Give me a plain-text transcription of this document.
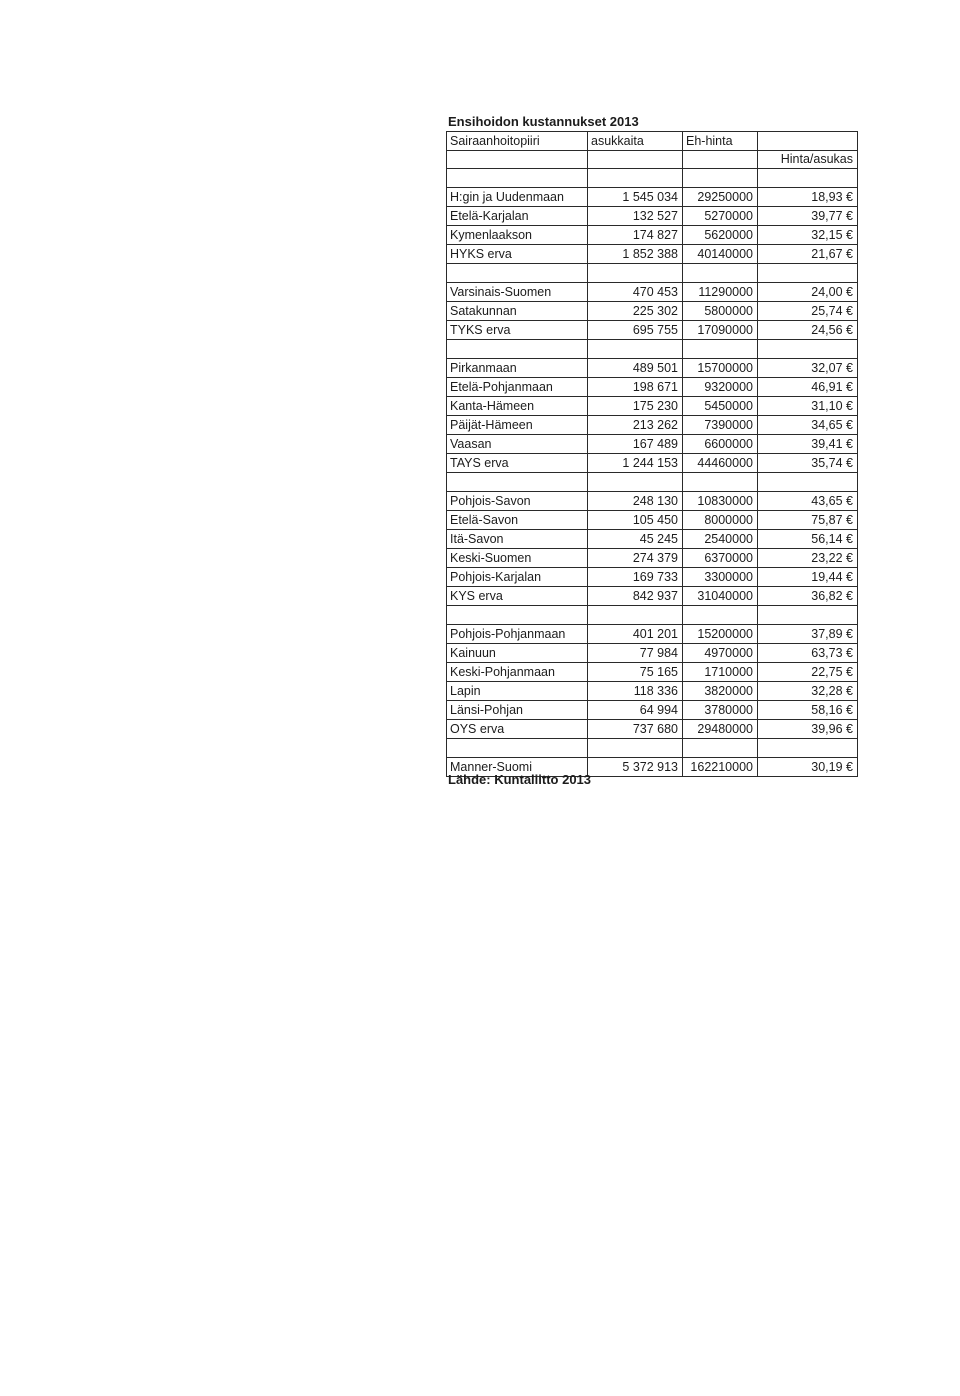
Ensihoidon kustannukset 2013
Sairaanhoitopiiri	asukkaita	Eh-hinta	
			Hinta/asukas

H:gin ja Uudenmaan	1 545 034	29250000	18,93 €
Etelä-Karjalan	132 527	5270000	39,77 €
Kymenlaakson	174 827	5620000	32,15 €
HYKS erva	1 852 388	40140000	21,67 €

Varsinais-Suomen	470 453	11290000	24,00 €
Satakunnan	225 302	5800000	25,74 €
TYKS erva	695 755	17090000	24,56 €

Pirkanmaan	489 501	15700000	32,07 €
Etelä-Pohjanmaan	198 671	9320000	46,91 €
Kanta-Hämeen	175 230	5450000	31,10 €
Päijät-Hämeen	213 262	7390000	34,65 €
Vaasan	167 489	6600000	39,41 €
TAYS erva	1 244 153	44460000	35,74 €

Pohjois-Savon	248 130	10830000	43,65 €
Etelä-Savon	105 450	8000000	75,87 €
Itä-Savon	45 245	2540000	56,14 €
Keski-Suomen	274 379	6370000	23,22 €
Pohjois-Karjalan	169 733	3300000	19,44 €
KYS erva	842 937	31040000	36,82 €

Pohjois-Pohjanmaan	401 201	15200000	37,89 €
Kainuun	77 984	4970000	63,73 €
Keski-Pohjanmaan	75 165	1710000	22,75 €
Lapin	118 336	3820000	32,28 €
Länsi-Pohjan	64 994	3780000	58,16 €
OYS erva	737 680	29480000	39,96 €

Manner-Suomi	5 372 913	162210000	30,19 €
Lähde: Kuntaliitto 2013
